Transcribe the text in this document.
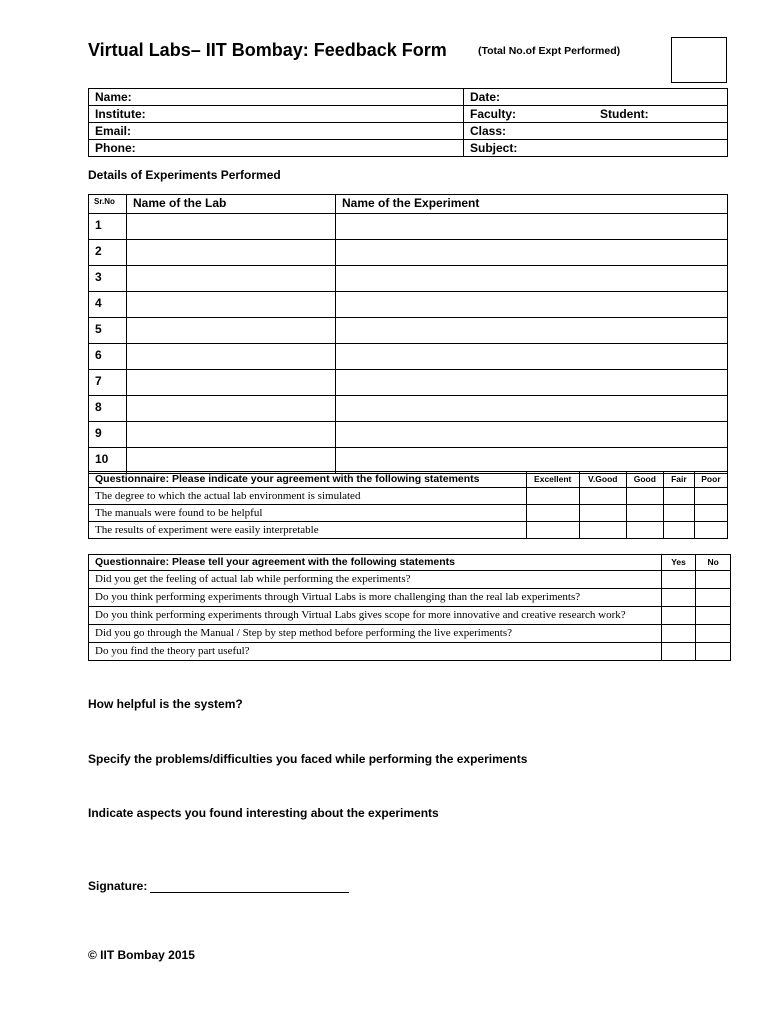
Virtual Labs– IIT Bombay: Feedback Form	(Total No.of Expt Performed)
Name:	Date:
Institute:	Faculty: Student:
Email:	Class:
Phone:	Subject:
Details of Experiments Performed
Sr.No	Name of the Lab	Name of the Experiment
1		
2		
3		
4		
5		
6		
7		
8		
9		
10		
Questionnaire: Please indicate your agreement with the following statements	Excellent	V.Good	Good	Fair	Poor
The degree to which the actual lab environment is simulated					
The manuals were found to be helpful					
The results of experiment were easily interpretable					
Questionnaire: Please tell your agreement with the following statements	Yes	No
Did you get the feeling of actual lab while performing the experiments?		
Do you think performing experiments through Virtual Labs is more challenging than the real lab experiments?		
Do you think performing experiments through Virtual Labs gives scope for more innovative and creative research work?		
Did you go through the Manual / Step by step method before performing the live experiments?		
Do you find the theory part useful?		
How helpful is the system?
Specify the problems/difficulties you faced while performing the experiments
Indicate aspects you found interesting about the experiments
Signature:
© IIT Bombay 2015
